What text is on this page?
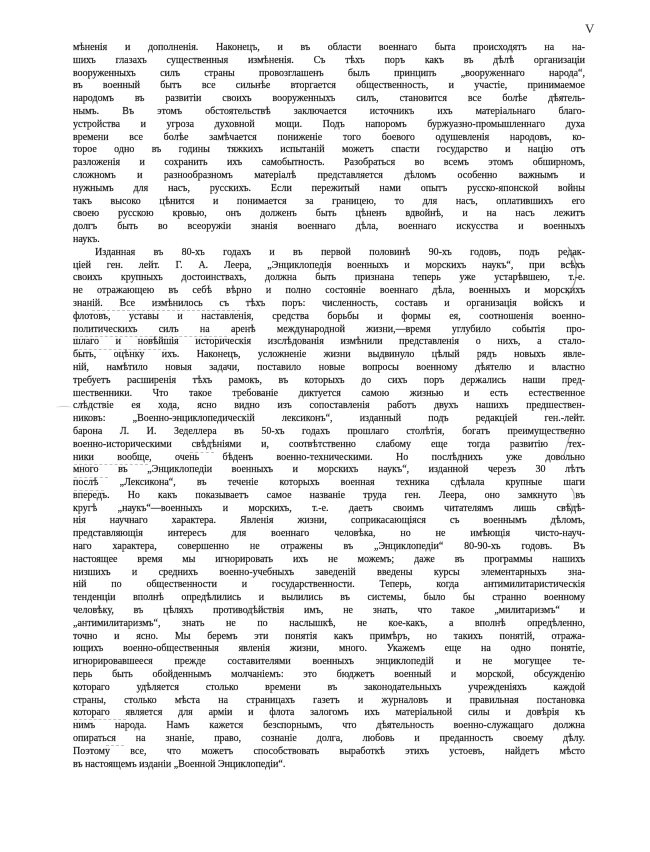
V
мѣненія и дополненія. Наконецъ, и въ области военнаго быта происходятъ на на-
шихъ глазахъ существенныя измѣненія. Съ тѣхъ поръ какъ въ дѣлѣ организаціи
вооруженныхъ силъ страны провозглашенъ былъ принципъ „вооруженнаго народа“,
въ военный бытъ все сильнѣе вторгается общественность, и участіе, принимаемое
народомъ въ развитіи своихъ вооруженныхъ силъ, становится все болѣе дѣятель-
нымъ. Въ этомъ обстоятельствѣ заключается источникъ ихъ матеріальнаго благо-
устройства и угроза духовной мощи. Подъ напоромъ буржуазно-промышленнаго духа
времени все болѣе замѣчается пониженіе того боевого одушевленія народовъ, ко-
торое одно въ годины тяжкихъ испытаній можетъ спасти государство и націю отъ
разложенія и сохранить ихъ самобытность. Разобраться во всемъ этомъ обширномъ,
сложномъ и разнообразномъ матеріалѣ представляется дѣломъ особенно важнымъ и
нужнымъ для насъ, русскихъ. Если пережитый нами опытъ русско-японской войны
такъ высоко цѣнится и понимается за границею, то для насъ, оплатившихъ его
своею русскою кровью, онъ долженъ быть цѣненъ вдвойнѣ, и на насъ лежитъ
долгъ быть во всеоружіи знанія военнаго дѣла, военнаго искусства и военныхъ
наукъ.
Изданная въ 80-хъ годахъ и въ первой половинѣ 90-хъ годовъ, подъ редак-
ціей ген. лейт. Г. А. Леера, „Энциклопедія военныхъ и морскихъ наукъ“, при всѣхъ
своихъ крупныхъ достоинствахъ, должна быть признана теперь уже устарѣвшею, т.-е.
не отражающею въ себѣ вѣрно и полно состояніе военнаго дѣла, военныхъ и морскихъ
знаній. Все измѣнилось съ тѣхъ поръ: численность, составъ и организація войскъ и
флотовъ, уставы и наставленія, средства борьбы и формы ея, соотношенія военно-
политическихъ силъ на аренѣ международной жизни,—время углубило событія про-
шлаго и новѣйшія историческія изслѣдованія измѣнили представленія о нихъ, а стало-
быть, оцѣнку ихъ. Наконецъ, усложненіе жизни выдвинуло цѣлый рядъ новыхъ явле-
ній, намѣтило новыя задачи, поставило новые вопросы военному дѣятелю и властно
требуетъ расширенія тѣхъ рамокъ, въ которыхъ до сихъ поръ держались наши пред-
шественники. Что такое требованіе диктуется самою жизнью и есть естественное
слѣдствіе ея хода, ясно видно изъ сопоставленія работъ двухъ нашихъ предшествен-
никовъ: „Военно-энциклопедическій лексиконъ“, изданный подъ редакціей ген.-лейт.
барона Л. И. Зеделлера въ 50-хъ годахъ прошлаго столѣтія, богатъ преимущественно
военно-историческими свѣдѣніями и, соотвѣтственно слабому еще тогда развитію тех-
ники вообще, очень бѣденъ военно-техническими. Но послѣднихъ уже довольно
много въ „Энциклопедіи военныхъ и морскихъ наукъ“, изданной черезъ 30 лѣтъ
послѣ „Лексикона“, въ теченіе которыхъ военная техника сдѣлала крупные шаги
впередъ. Но какъ показываетъ самое названіе труда ген. Леера, оно замкнуто въ
кругѣ „наукъ“—военныхъ и морскихъ, т.-е. даетъ своимъ читателямъ лишь свѣдѣ-
нія научнаго характера. Явленія жизни, соприкасающіяся съ военнымъ дѣломъ,
представляющія интересъ для военнаго человѣка, но не имѣющія чисто-науч-
наго характера, совершенно не отражены въ „Энциклопедіи“ 80-90-хъ годовъ. Въ
настоящее время мы игнорировать ихъ не можемъ; даже въ программы нашихъ
низшихъ и среднихъ военно-учебныхъ заведеній введены курсы элементарныхъ зна-
ній по общественности и государственности. Теперь, когда антимилитаристическія
тенденціи вполнѣ опредѣлились и вылились въ системы, было бы странно военному
человѣку, въ цѣляхъ противодѣйствія имъ, не знать, что такое „милитаризмъ“ и
„антимилитаризмъ“, знать не по наслышкѣ, не кое-какъ, а вполнѣ опредѣленно,
точно и ясно. Мы беремъ эти понятія какъ примѣръ, но такихъ понятій, отража-
ющихъ военно-общественныя явленія жизни, много. Укажемъ еще на одно понятіе,
игнорировавшееся прежде составителями военныхъ энциклопедій и не могущее те-
перь быть обойденнымъ молчаніемъ: это бюджетъ военный и морской, обсужденію
котораго удѣляется столько времени въ законодательныхъ учрежденіяхъ каждой
страны, столько мѣста на страницахъ газетъ и журналовъ и правильная постановка
котораго является для арміи и флота залогомъ ихъ матеріальной силы и довѣрія къ
нимъ народа. Намъ кажется безспорнымъ, что дѣятельность военно-служащаго должна
опираться на знаніе, право, сознаніе долга, любовь и преданность своему дѣлу.
Поэтому все, что можетъ способствовать выработкѣ этихъ устоевъ, найдетъ мѣсто
въ настоящемъ изданіи „Военной Энциклопедіи“.
